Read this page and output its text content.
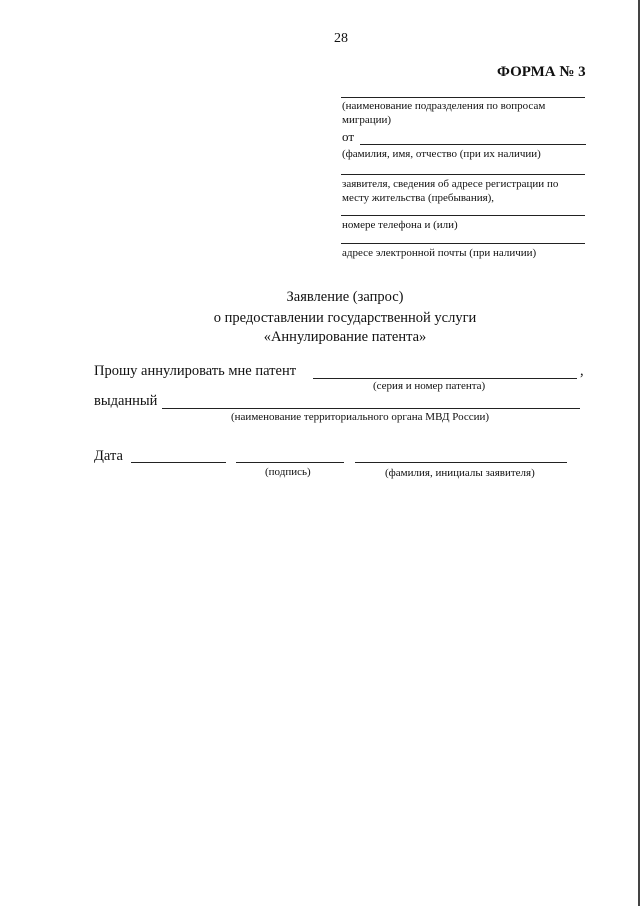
28
ФОРМА № 3
(наименование подразделения по вопросам
миграции)
от
(фамилия, имя, отчество (при их наличии)
заявителя, сведения об адресе регистрации по
месту жительства (пребывания),
номере телефона и (или)
адресе электронной почты (при наличии)
Заявление (запрос)
о предоставлении государственной услуги
«Аннулирование патента»
Прошу аннулировать мне патент	,
(серия и номер патента)
выданный
(наименование территориального органа МВД России)
Дата
(подпись)	(фамилия, инициалы заявителя)
